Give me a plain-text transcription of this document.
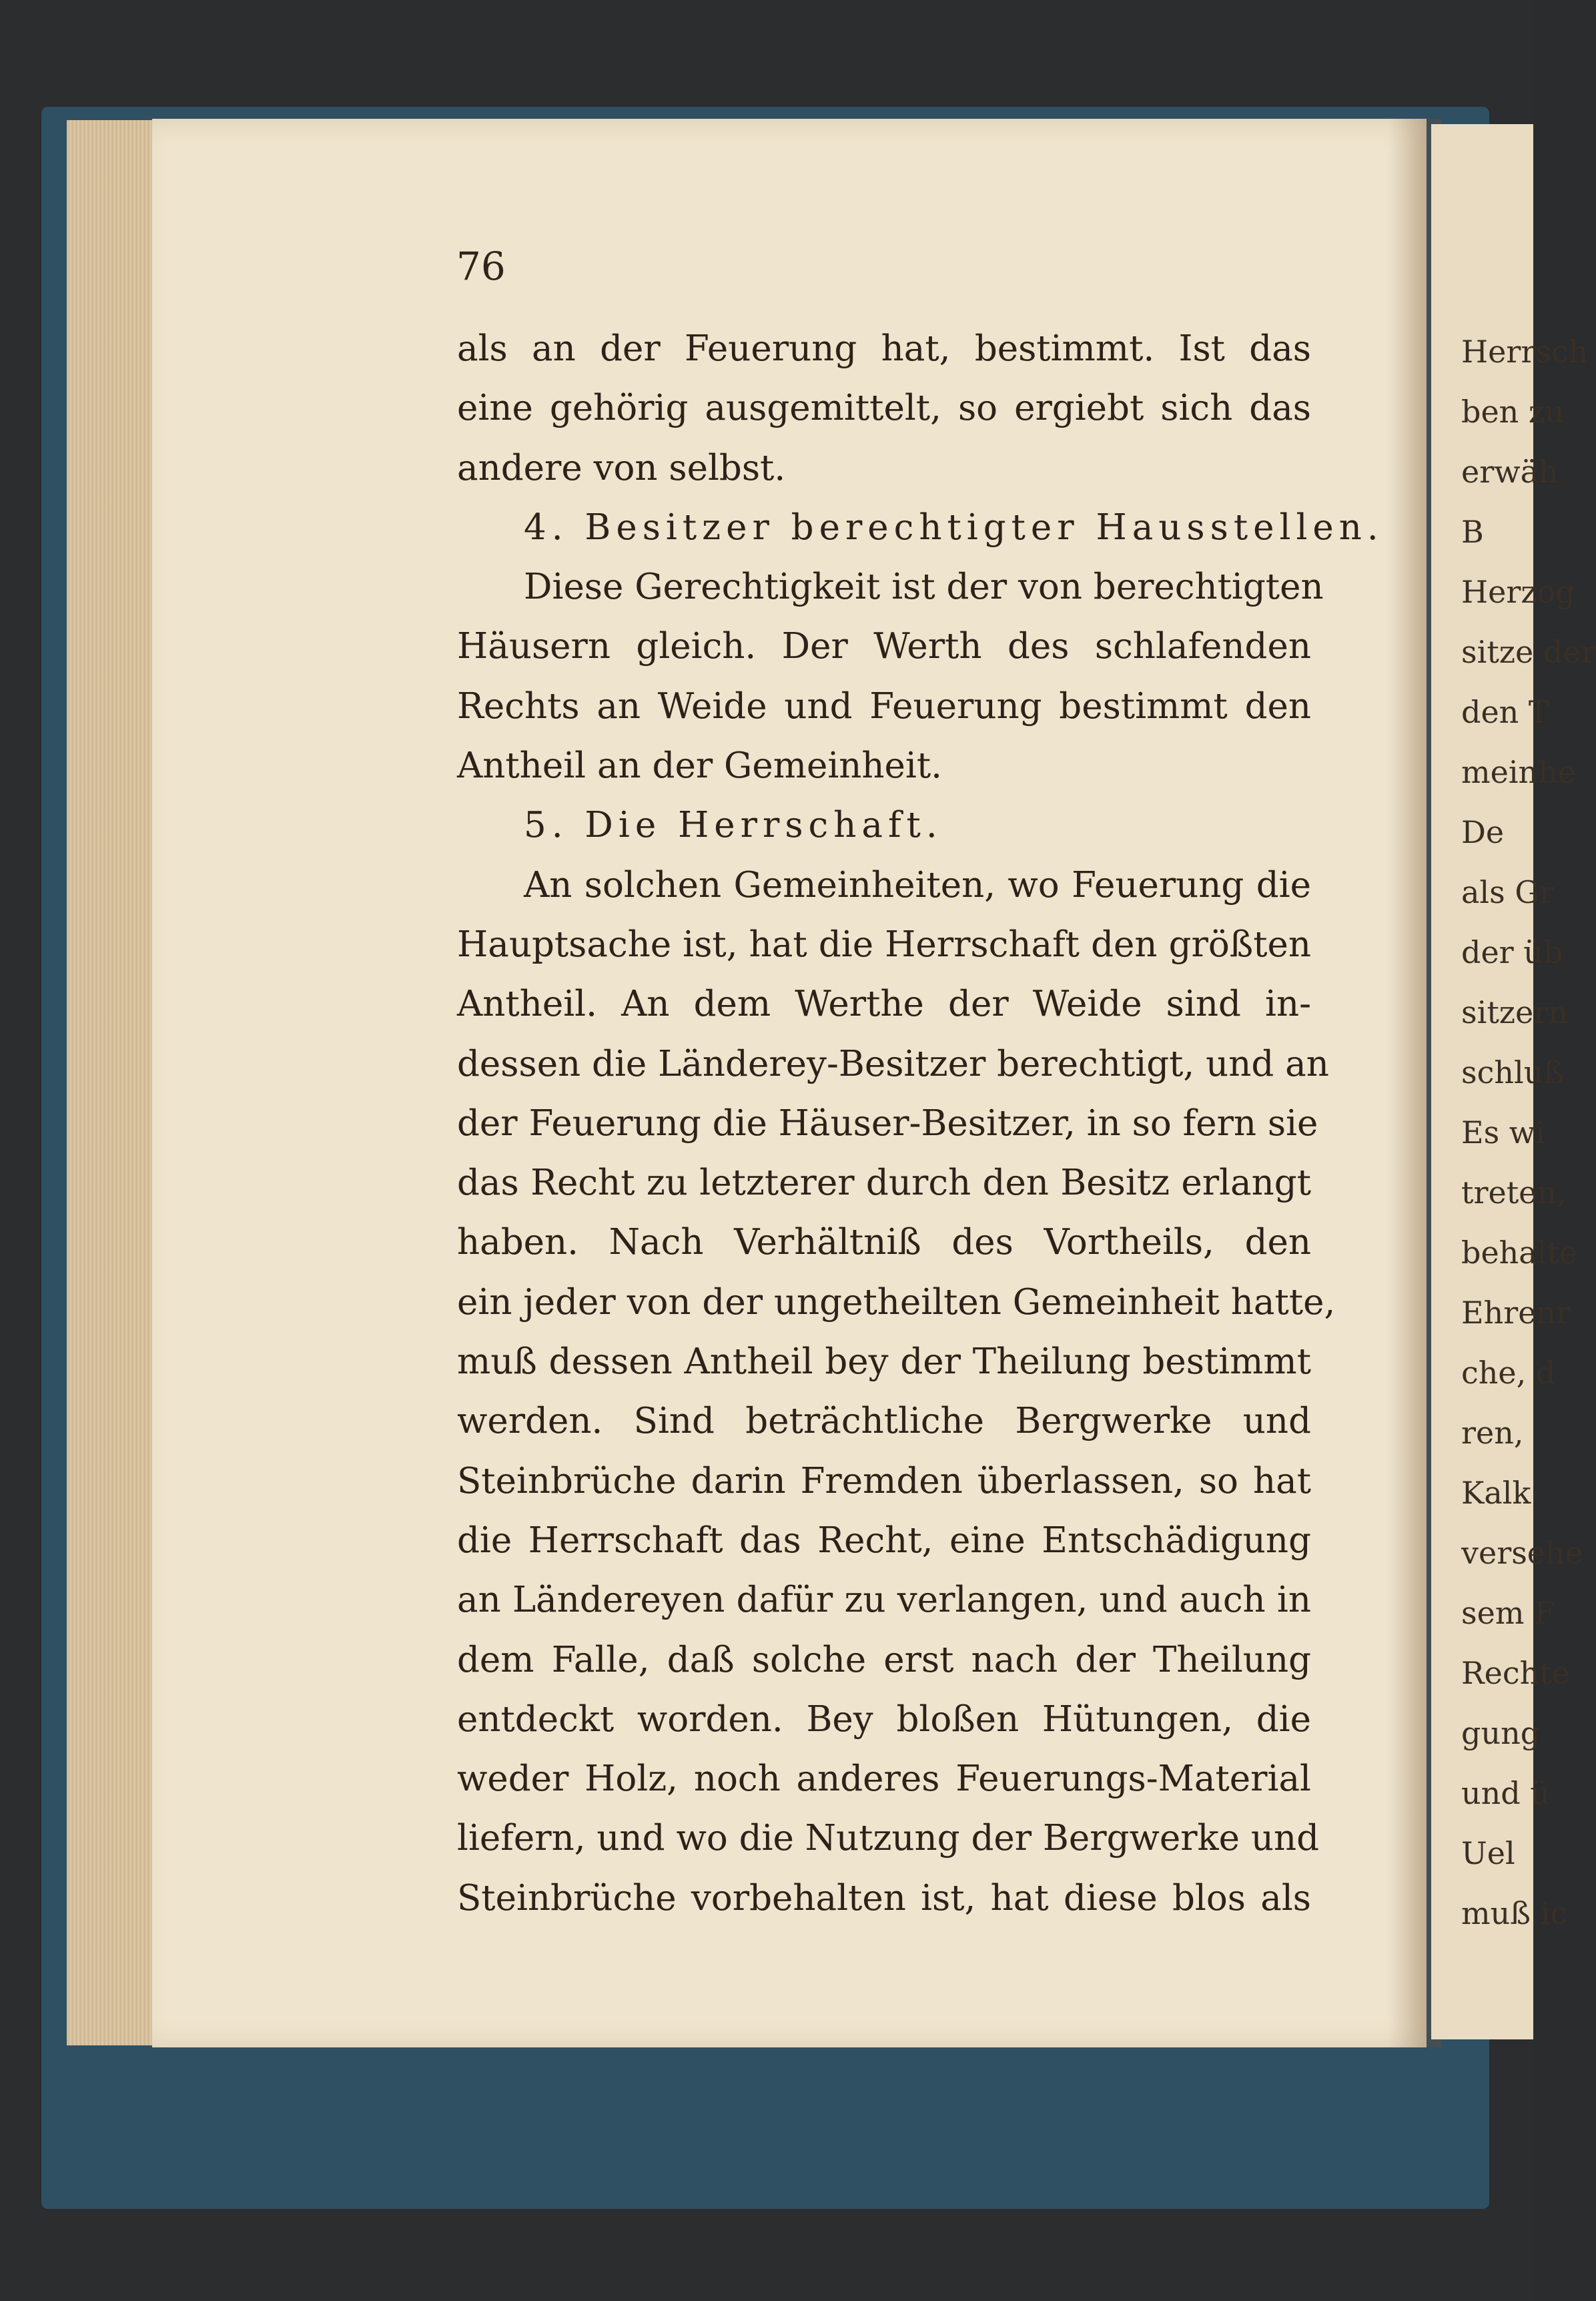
76
als an der Feuerung hat, bestimmt. Ist das
eine gehörig ausgemittelt, so ergiebt sich das
andere von selbst.
4. Besitzer berechtigter Hausstellen.
Diese Gerechtigkeit ist der von berechtigten
Häusern gleich. Der Werth des schlafenden
Rechts an Weide und Feuerung bestimmt den
Antheil an der Gemeinheit.
5. Die Herrschaft.
An solchen Gemeinheiten, wo Feuerung die
Hauptsache ist, hat die Herrschaft den größten
Antheil. An dem Werthe der Weide sind in-
dessen die Länderey-Besitzer berechtigt, und an
der Feuerung die Häuser-Besitzer, in so fern sie
das Recht zu letzterer durch den Besitz erlangt
haben. Nach Verhältniß des Vortheils, den
ein jeder von der ungetheilten Gemeinheit hatte,
muß dessen Antheil bey der Theilung bestimmt
werden. Sind beträchtliche Bergwerke und
Steinbrüche darin Fremden überlassen, so hat
die Herrschaft das Recht, eine Entschädigung
an Ländereyen dafür zu verlangen, und auch in
dem Falle, daß solche erst nach der Theilung
entdeckt worden. Bey bloßen Hütungen, die
weder Holz, noch anderes Feuerungs-Material
liefern, und wo die Nutzung der Bergwerke und
Steinbrüche vorbehalten ist, hat diese blos als
Herrsch
ben zu
erwäh
B
Herzog
sitze der
den T
meinhe
De
als Gr
der üb
sitzern
schluß
Es wi
treten,
behalte
Ehrenr
che, d
ren,
Kalk
versehe
sem F
Rechte
gung
und ü
Uel
muß ic
